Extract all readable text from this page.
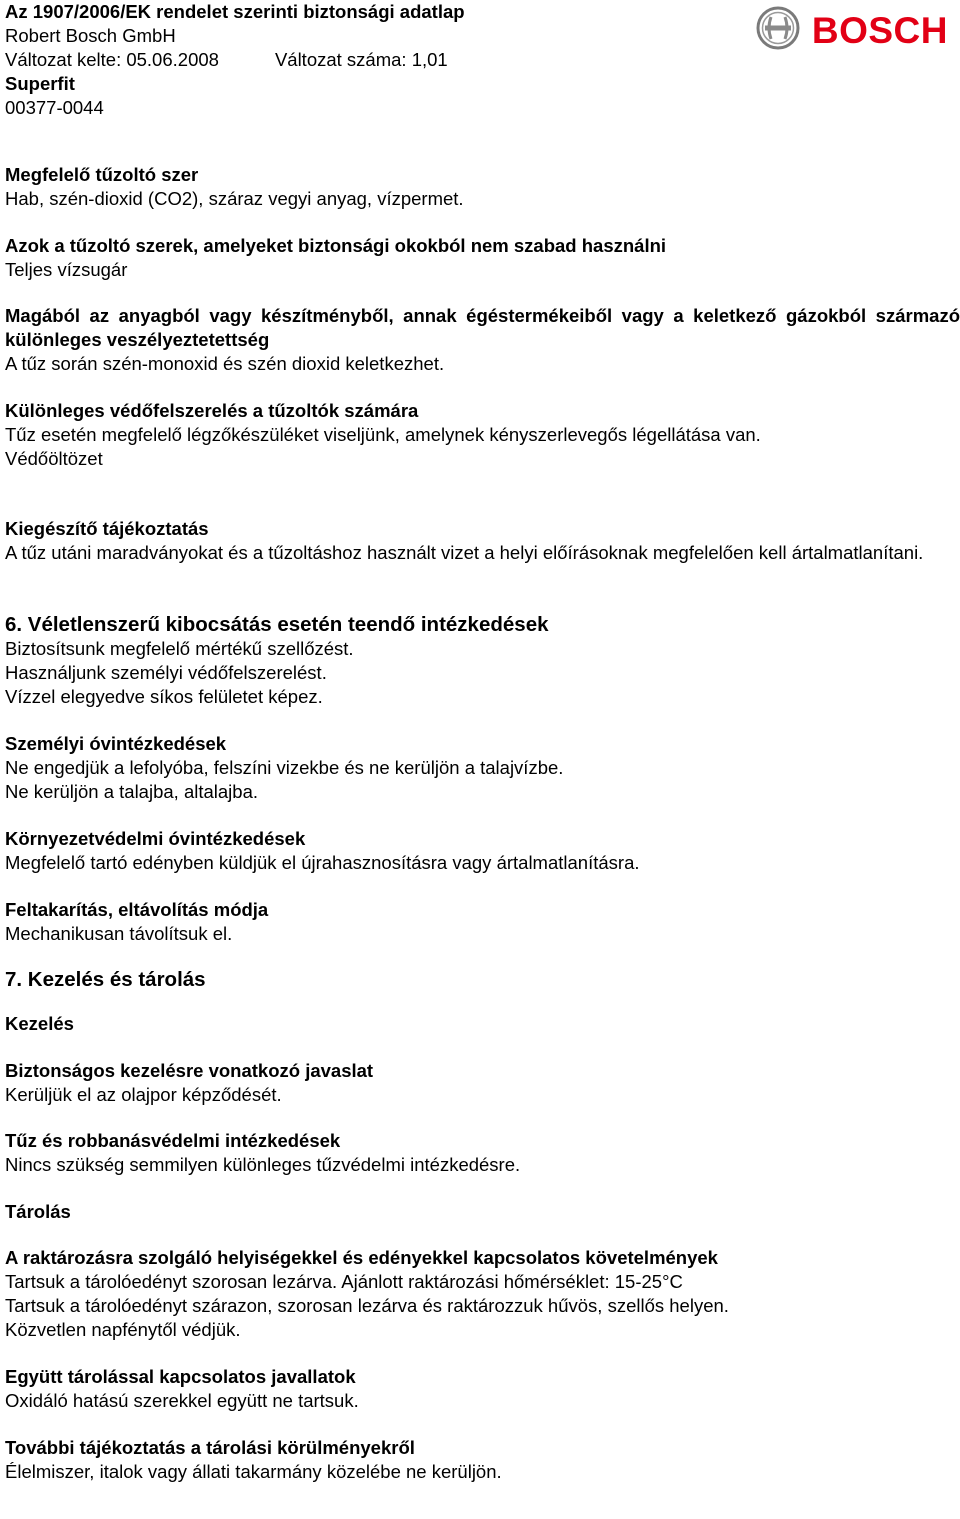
Az 1907/2006/EK rendelet szerinti biztonsági adatlap
Robert Bosch GmbH
Változat kelte: 05.06.2008	Változat száma: 1,01
Superfit
00377-0044
BOSCH

Megfelelő tűzoltó szer

Hab, szén-dioxid (CO2), száraz vegyi anyag, vízpermet.

Azok a tűzoltó szerek, amelyeket biztonsági okokból nem szabad használni

Teljes vízsugár

Magából az anyagból vagy készítményből, annak égéstermékeiből vagy a keletkező gázokból származó különleges veszélyeztetettség

A tűz során szén-monoxid és szén dioxid keletkezhet.

Különleges védőfelszerelés a tűzoltók számára

Tűz esetén megfelelő légzőkészüléket viseljünk, amelynek kényszerlevegős légellátása van.

Védőöltözet

Kiegészítő tájékoztatás

A tűz utáni maradványokat és a tűzoltáshoz használt vizet a helyi előírásoknak megfelelően kell ártalmatlanítani.

6. Véletlenszerű kibocsátás esetén teendő intézkedések

Biztosítsunk megfelelő mértékű szellőzést.

Használjunk személyi védőfelszerelést.

Vízzel elegyedve síkos felületet képez.

Személyi óvintézkedések

Ne engedjük a lefolyóba, felszíni vizekbe és ne kerüljön a talajvízbe.

Ne kerüljön a talajba, altalajba.

Környezetvédelmi óvintézkedések

Megfelelő tartó edényben küldjük el újrahasznosításra vagy ártalmatlanításra.

Feltakarítás, eltávolítás módja

Mechanikusan távolítsuk el.

7. Kezelés és tárolás

Kezelés

Biztonságos kezelésre vonatkozó javaslat

Kerüljük el az olajpor képződését.

Tűz és robbanásvédelmi intézkedések

Nincs szükség semmilyen különleges tűzvédelmi intézkedésre.

Tárolás

A raktározásra szolgáló helyiségekkel és edényekkel kapcsolatos követelmények

Tartsuk a tárolóedényt szorosan lezárva. Ajánlott raktározási hőmérséklet: 15-25°C

Tartsuk a tárolóedényt szárazon, szorosan lezárva és raktározzuk hűvös, szellős helyen.

Közvetlen napfénytől védjük.

Együtt tárolással kapcsolatos javallatok

Oxidáló hatású szerekkel együtt ne tartsuk.

További tájékoztatás a tárolási körülményekről

Élelmiszer, italok vagy állati takarmány közelébe ne kerüljön.
